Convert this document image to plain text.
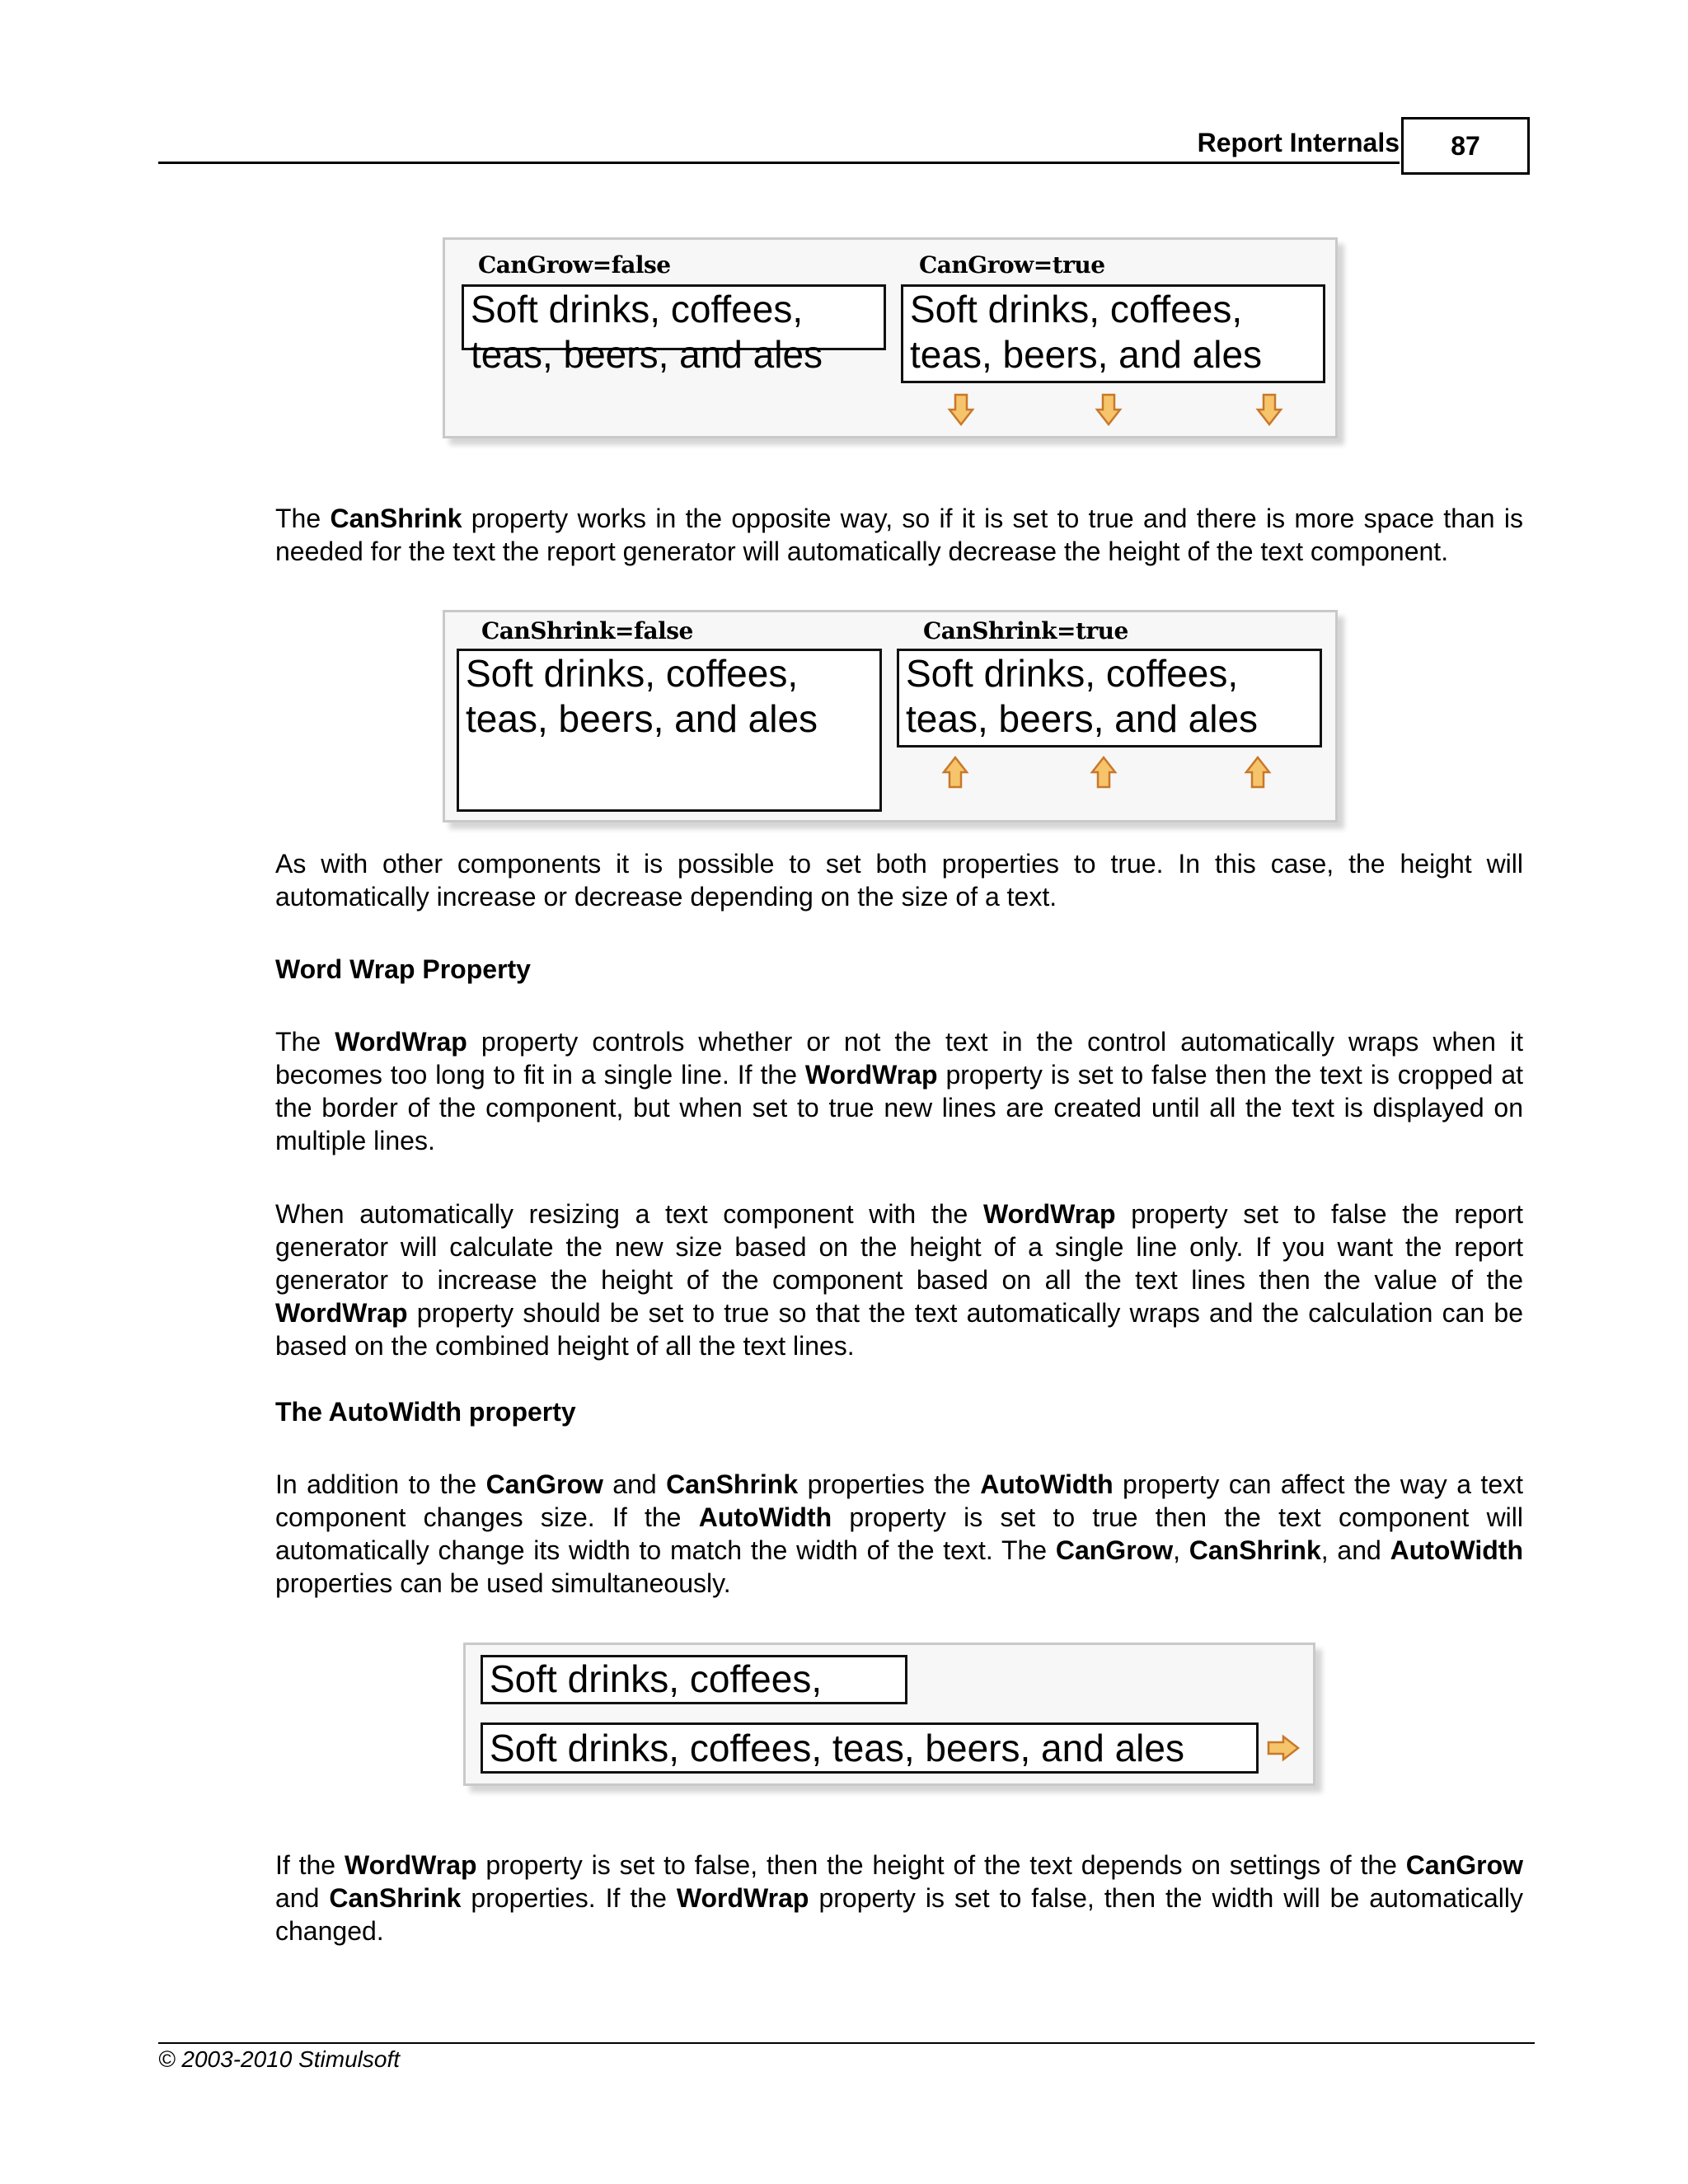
Report Internals 87
CanGrow=false	CanGrow=true
Soft drinks, coffees,
teas, beers, and ales
Soft drinks, coffees,
teas, beers, and ales
The CanShrink property works in the opposite way, so if it is set to true and there is more space than is needed for the text the report generator will automatically decrease the height of the text component.
CanShrink=false	CanShrink=true
Soft drinks, coffees,
teas, beers, and ales
Soft drinks, coffees,
teas, beers, and ales
As with other components it is possible to set both properties to true. In this case, the height will automatically increase or decrease depending on the size of a text.
Word Wrap Property
The WordWrap property controls whether or not the text in the control automatically wraps when it becomes too long to fit in a single line. If the WordWrap property is set to false then the text is cropped at the border of the component, but when set to true new lines are created until all the text is displayed on multiple lines.
When automatically resizing a text component with the WordWrap property set to false the report generator will calculate the new size based on the height of a single line only. If you want the report generator to increase the height of the component based on all the text lines then the value of the WordWrap property should be set to true so that the text automatically wraps and the calculation can be based on the combined height of all the text lines.
The AutoWidth property
In addition to the CanGrow and CanShrink properties the AutoWidth property can affect the way a text component changes size. If the AutoWidth property is set to true then the text component will automatically change its width to match the width of the text. The CanGrow, CanShrink, and AutoWidth properties can be used simultaneously.
Soft drinks, coffees,
Soft drinks, coffees, teas, beers, and ales
If the WordWrap property is set to false, then the height of the text depends on settings of the CanGrow and CanShrink properties. If the WordWrap property is set to false, then the width will be automatically changed.
© 2003-2010 Stimulsoft
